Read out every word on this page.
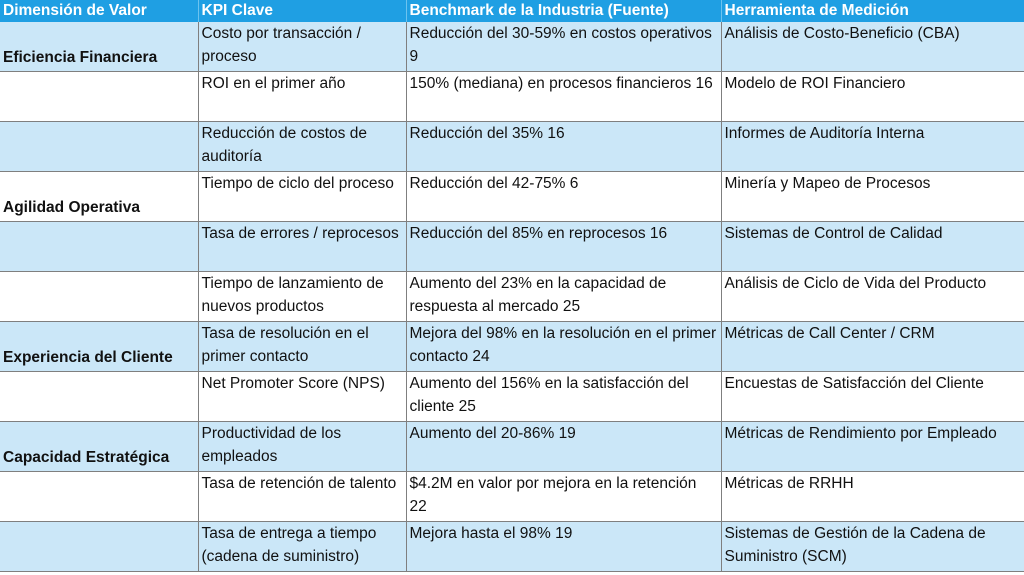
Dimensión de Valor	KPI Clave	Benchmark de la Industria (Fuente)	Herramienta de Medición
Eficiencia Financiera	Costo por transacción / proceso	Reducción del 30-59% en costos operativos 9	Análisis de Costo-Beneficio (CBA)
	ROI en el primer año	150% (mediana) en procesos financieros 16	Modelo de ROI Financiero
	Reducción de costos de auditoría	Reducción del 35% 16	Informes de Auditoría Interna
Agilidad Operativa	Tiempo de ciclo del proceso	Reducción del 42-75% 6	Minería y Mapeo de Procesos
	Tasa de errores / reprocesos	Reducción del 85% en reprocesos 16	Sistemas de Control de Calidad
	Tiempo de lanzamiento de nuevos productos	Aumento del 23% en la capacidad de respuesta al mercado 25	Análisis de Ciclo de Vida del Producto
Experiencia del Cliente	Tasa de resolución en el primer contacto	Mejora del 98% en la resolución en el primer contacto 24	Métricas de Call Center / CRM
	Net Promoter Score (NPS)	Aumento del 156% en la satisfacción del cliente 25	Encuestas de Satisfacción del Cliente
Capacidad Estratégica	Productividad de los empleados	Aumento del 20-86% 19	Métricas de Rendimiento por Empleado
	Tasa de retención de talento	$4.2M en valor por mejora en la retención 22	Métricas de RRHH
	Tasa de entrega a tiempo (cadena de suministro)	Mejora hasta el 98% 19	Sistemas de Gestión de la Cadena de Suministro (SCM)
